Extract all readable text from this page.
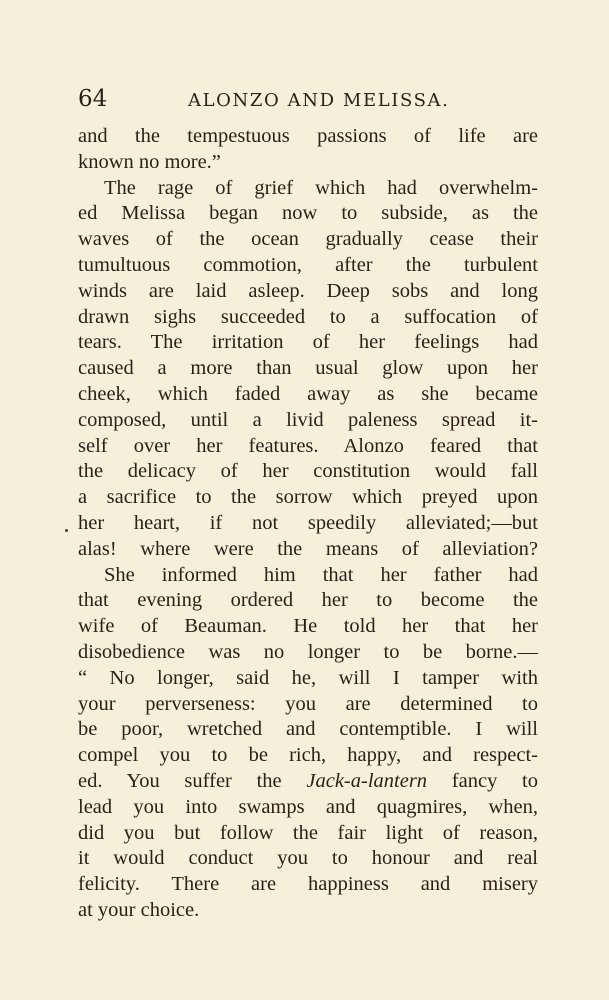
64	ALONZO AND MELISSA.
and the tempestuous passions of life are
known no more.”
The rage of grief which had overwhelm-
ed Melissa began now to subside, as the
waves of the ocean gradually cease their
tumultuous commotion, after the turbulent
winds are laid asleep. Deep sobs and long
drawn sighs succeeded to a suffocation of
tears. The irritation of her feelings had
caused a more than usual glow upon her
cheek, which faded away as she became
composed, until a livid paleness spread it-
self over her features. Alonzo feared that
the delicacy of her constitution would fall
a sacrifice to the sorrow which preyed upon
her heart, if not speedily alleviated;—but
alas! where were the means of alleviation?
She informed him that her father had
that evening ordered her to become the
wife of Beauman. He told her that her
disobedience was no longer to be borne.—
“ No longer, said he, will I tamper with
your perverseness: you are determined to
be poor, wretched and contemptible. I will
compel you to be rich, happy, and respect-
ed. You suffer the Jack-a-lantern fancy to
lead you into swamps and quagmires, when,
did you but follow the fair light of reason,
it would conduct you to honour and real
felicity. There are happiness and misery
at your choice.
